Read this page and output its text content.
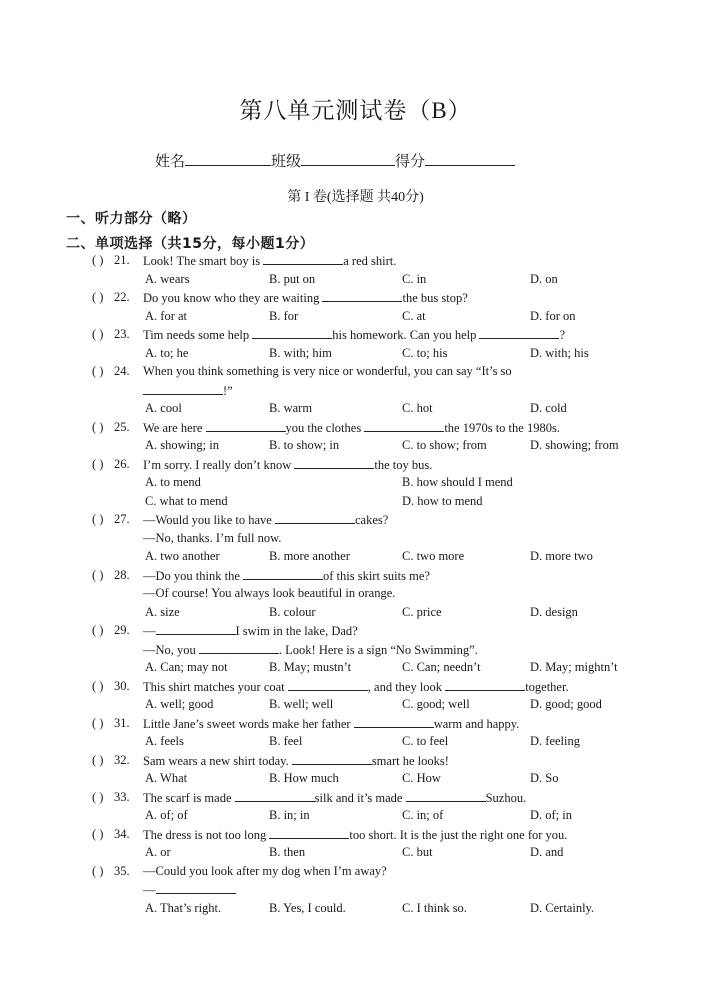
第八单元测试卷（B）
姓名	班级	得分
第 I 卷(选择题 共40分)
一、听力部分（略）
二、单项选择（共15分，每小题1分）
( ) 21. Look! The smart boy is	a red shirt.
A. wears	B. put on	C. in	D. on
( ) 22. Do you know who they are waiting	the bus stop?
A. for at	B. for	C. at	D. for on
( ) 23. Tim needs some help	his homework. Can you help	?
A. to; he	B. with; him	C. to; his	D. with; his
( ) 24. When you think something is very nice or wonderful, you can say “It’s so
!”
A. cool	B. warm	C. hot	D. cold
( ) 25. We are here	you the clothes	the 1970s to the 1980s.
A. showing; in	B. to show; in	C. to show; from	D. showing; from
( ) 26. I’m sorry. I really don’t know	the toy bus.
A. to mend	B. how should I mend
C. what to mend	D. how to mend
( ) 27. —Would you like to have	cakes?
—No, thanks. I’m full now.
A. two another	B. more another	C. two more	D. more two
( ) 28. —Do you think the	of this skirt suits me?
—Of course! You always look beautiful in orange.
A. size	B. colour	C. price	D. design
( ) 29. —	I swim in the lake, Dad?
—No, you	. Look! Here is a sign “No Swimming”.
A. Can; may not	B. May; mustn’t	C. Can; needn’t	D. May; mightn’t
( ) 30. This shirt matches your coat	, and they look	together.
A. well; good	B. well; well	C. good; well	D. good; good
( ) 31. Little Jane’s sweet words make her father	warm and happy.
A. feels	B. feel	C. to feel	D. feeling
( ) 32. Sam wears a new shirt today.	smart he looks!
A. What	B. How much	C. How	D. So
( ) 33. The scarf is made	silk and it’s made	Suzhou.
A. of; of	B. in; in	C. in; of	D. of; in
( ) 34. The dress is not too long	too short. It is the just the right one for you.
A. or	B. then	C. but	D. and
( ) 35. —Could you look after my dog when I’m away?
—
A. That’s right.	B. Yes, I could.	C. I think so.	D. Certainly.
